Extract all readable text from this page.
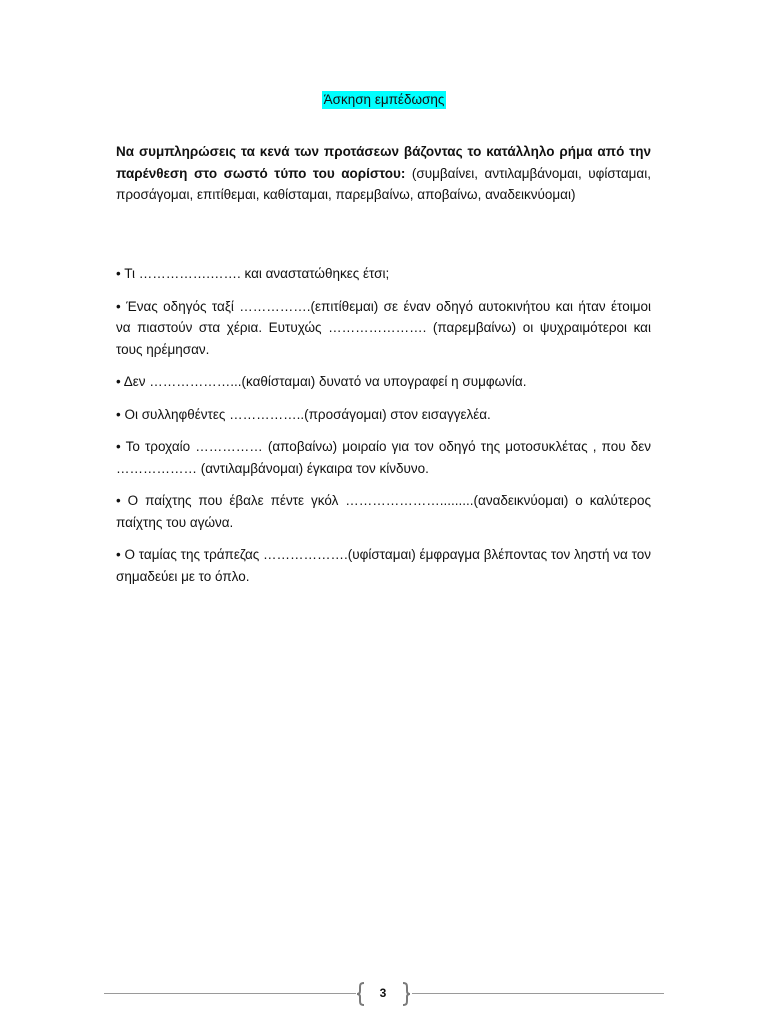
Άσκηση εμπέδωσης

Να συμπληρώσεις τα κενά των προτάσεων βάζοντας το κατάλληλο ρήμα από την παρένθεση στο σωστό τύπο του αορίστου: (συμβαίνει, αντιλαμβάνομαι, υφίσταμαι, προσάγομαι, επιτίθεμαι, καθίσταμαι, παρεμβαίνω, αποβαίνω, αναδεικνύομαι)

• Τι …………….……. και αναστατώθηκες έτσι;
• Ένας οδηγός ταξί …………….(επιτίθεμαι) σε έναν οδηγό αυτοκινήτου και ήταν έτοιμοι να πιαστούν στα χέρια. Ευτυχώς …………………. (παρεμβαίνω) οι ψυχραιμότεροι και τους ηρέμησαν.
• Δεν ………………...(καθίσταμαι) δυνατό να υπογραφεί η συμφωνία.
• Οι συλληφθέντες ……………..(προσάγομαι) στον εισαγγελέα.
• Το τροχαίο …………… (αποβαίνω) μοιραίο για τον οδηγό της μοτοσυκλέτας , που δεν ……………… (αντιλαμβάνομαι) έγκαιρα τον κίνδυνο.
• Ο παίχτης που έβαλε πέντε γκόλ ………………….........(αναδεικνύομαι) ο καλύτερος παίχτης του αγώνα.
• Ο ταμίας της τράπεζας ……………….(υφίσταμαι) έμφραγμα βλέποντας τον ληστή να τον σημαδεύει με το όπλο.
3
